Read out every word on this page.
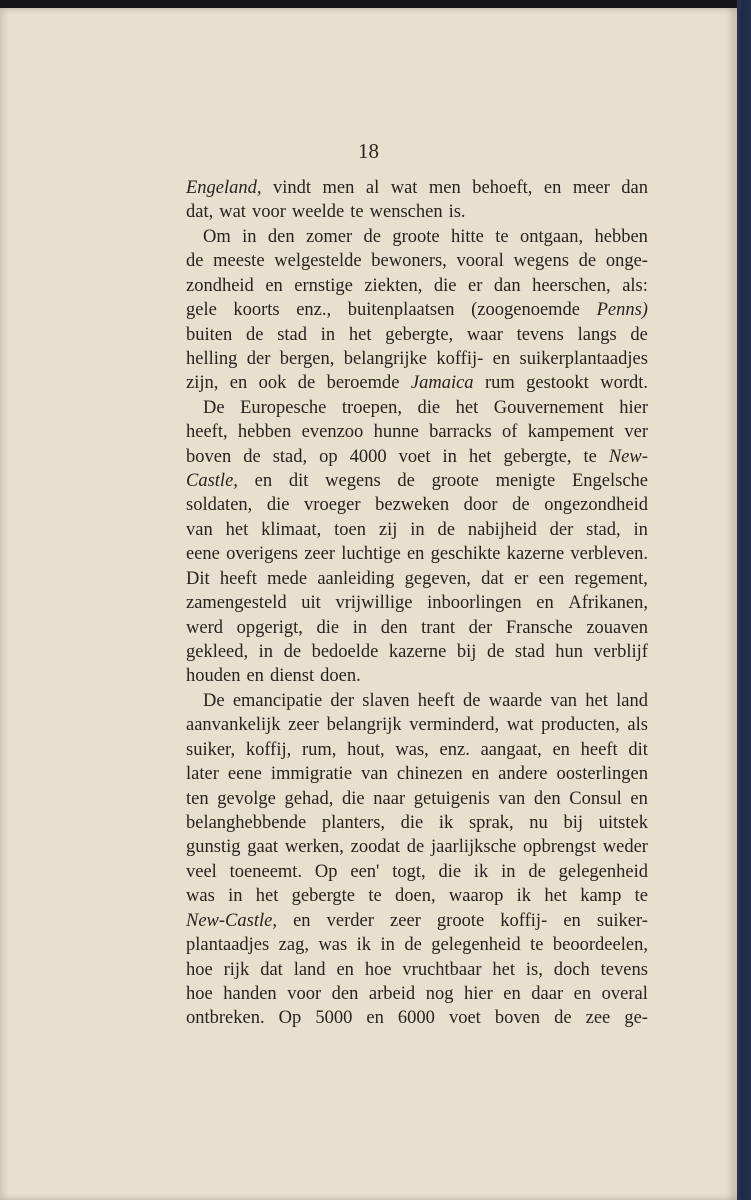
18
Engeland, vindt men al wat men behoeft, en meer dan
dat, wat voor weelde te wenschen is.
Om in den zomer de groote hitte te ontgaan, hebben
de meeste welgestelde bewoners, vooral wegens de onge-
zondheid en ernstige ziekten, die er dan heerschen, als:
gele koorts enz., buitenplaatsen (zoogenoemde Penns)
buiten de stad in het gebergte, waar tevens langs de
helling der bergen, belangrijke koffij- en suikerplantaadjes
zijn, en ook de beroemde Jamaica rum gestookt wordt.
De Europesche troepen, die het Gouvernement hier
heeft, hebben evenzoo hunne barracks of kampement ver
boven de stad, op 4000 voet in het gebergte, te New-
Castle, en dit wegens de groote menigte Engelsche
soldaten, die vroeger bezweken door de ongezondheid
van het klimaat, toen zij in de nabijheid der stad, in
eene overigens zeer luchtige en geschikte kazerne verbleven.
Dit heeft mede aanleiding gegeven, dat er een regement,
zamengesteld uit vrijwillige inboorlingen en Afrikanen,
werd opgerigt, die in den trant der Fransche zouaven
gekleed, in de bedoelde kazerne bij de stad hun verblijf
houden en dienst doen.
De emancipatie der slaven heeft de waarde van het land
aanvankelijk zeer belangrijk verminderd, wat producten, als
suiker, koffij, rum, hout, was, enz. aangaat, en heeft dit
later eene immigratie van chinezen en andere oosterlingen
ten gevolge gehad, die naar getuigenis van den Consul en
belanghebbende planters, die ik sprak, nu bij uitstek
gunstig gaat werken, zoodat de jaarlijksche opbrengst weder
veel toeneemt. Op een' togt, die ik in de gelegenheid
was in het gebergte te doen, waarop ik het kamp te
New-Castle, en verder zeer groote koffij- en suiker-
plantaadjes zag, was ik in de gelegenheid te beoordeelen,
hoe rijk dat land en hoe vruchtbaar het is, doch tevens
hoe handen voor den arbeid nog hier en daar en overal
ontbreken. Op 5000 en 6000 voet boven de zee ge-
